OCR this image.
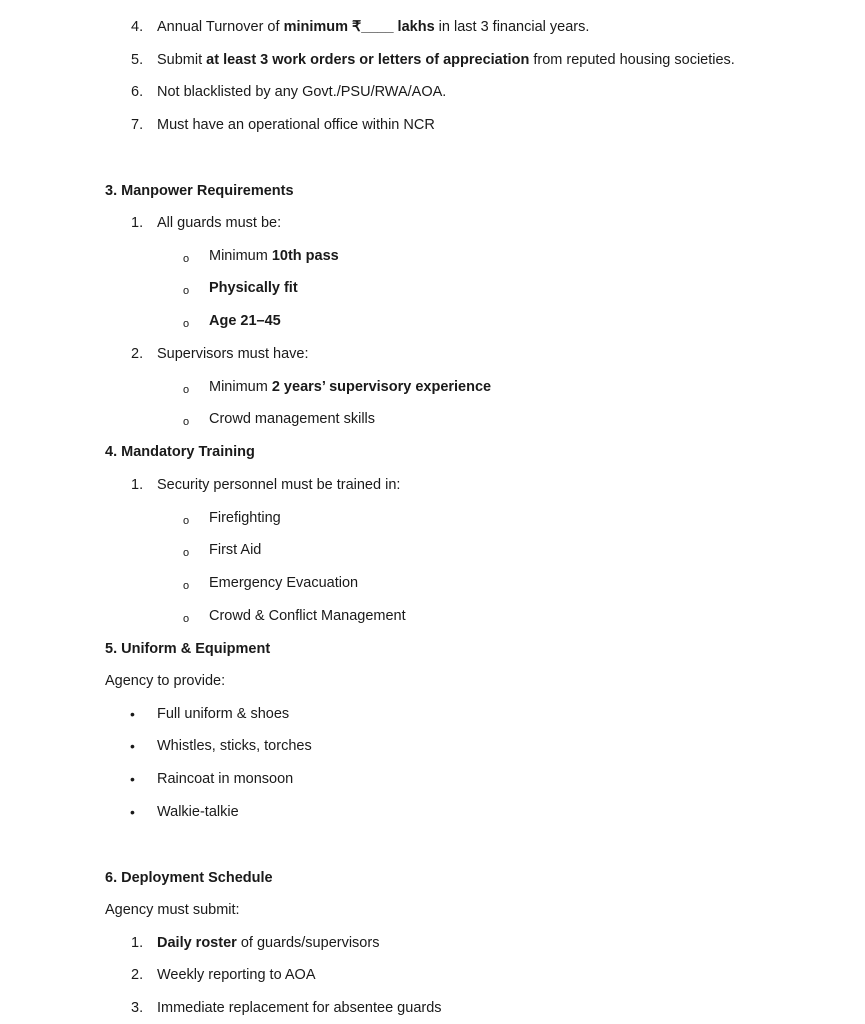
4. Annual Turnover of minimum ₹____ lakhs in last 3 financial years.
5. Submit at least 3 work orders or letters of appreciation from reputed housing societies.
6. Not blacklisted by any Govt./PSU/RWA/AOA.
7. Must have an operational office within NCR
3. Manpower Requirements
1. All guards must be:
o Minimum 10th pass
o Physically fit
o Age 21–45
2. Supervisors must have:
o Minimum 2 years’ supervisory experience
o Crowd management skills
4. Mandatory Training
1. Security personnel must be trained in:
o Firefighting
o First Aid
o Emergency Evacuation
o Crowd & Conflict Management
5. Uniform & Equipment
Agency to provide:
• Full uniform & shoes
• Whistles, sticks, torches
• Raincoat in monsoon
• Walkie-talkie
6. Deployment Schedule
Agency must submit:
1. Daily roster of guards/supervisors
2. Weekly reporting to AOA
3. Immediate replacement for absentee guards
